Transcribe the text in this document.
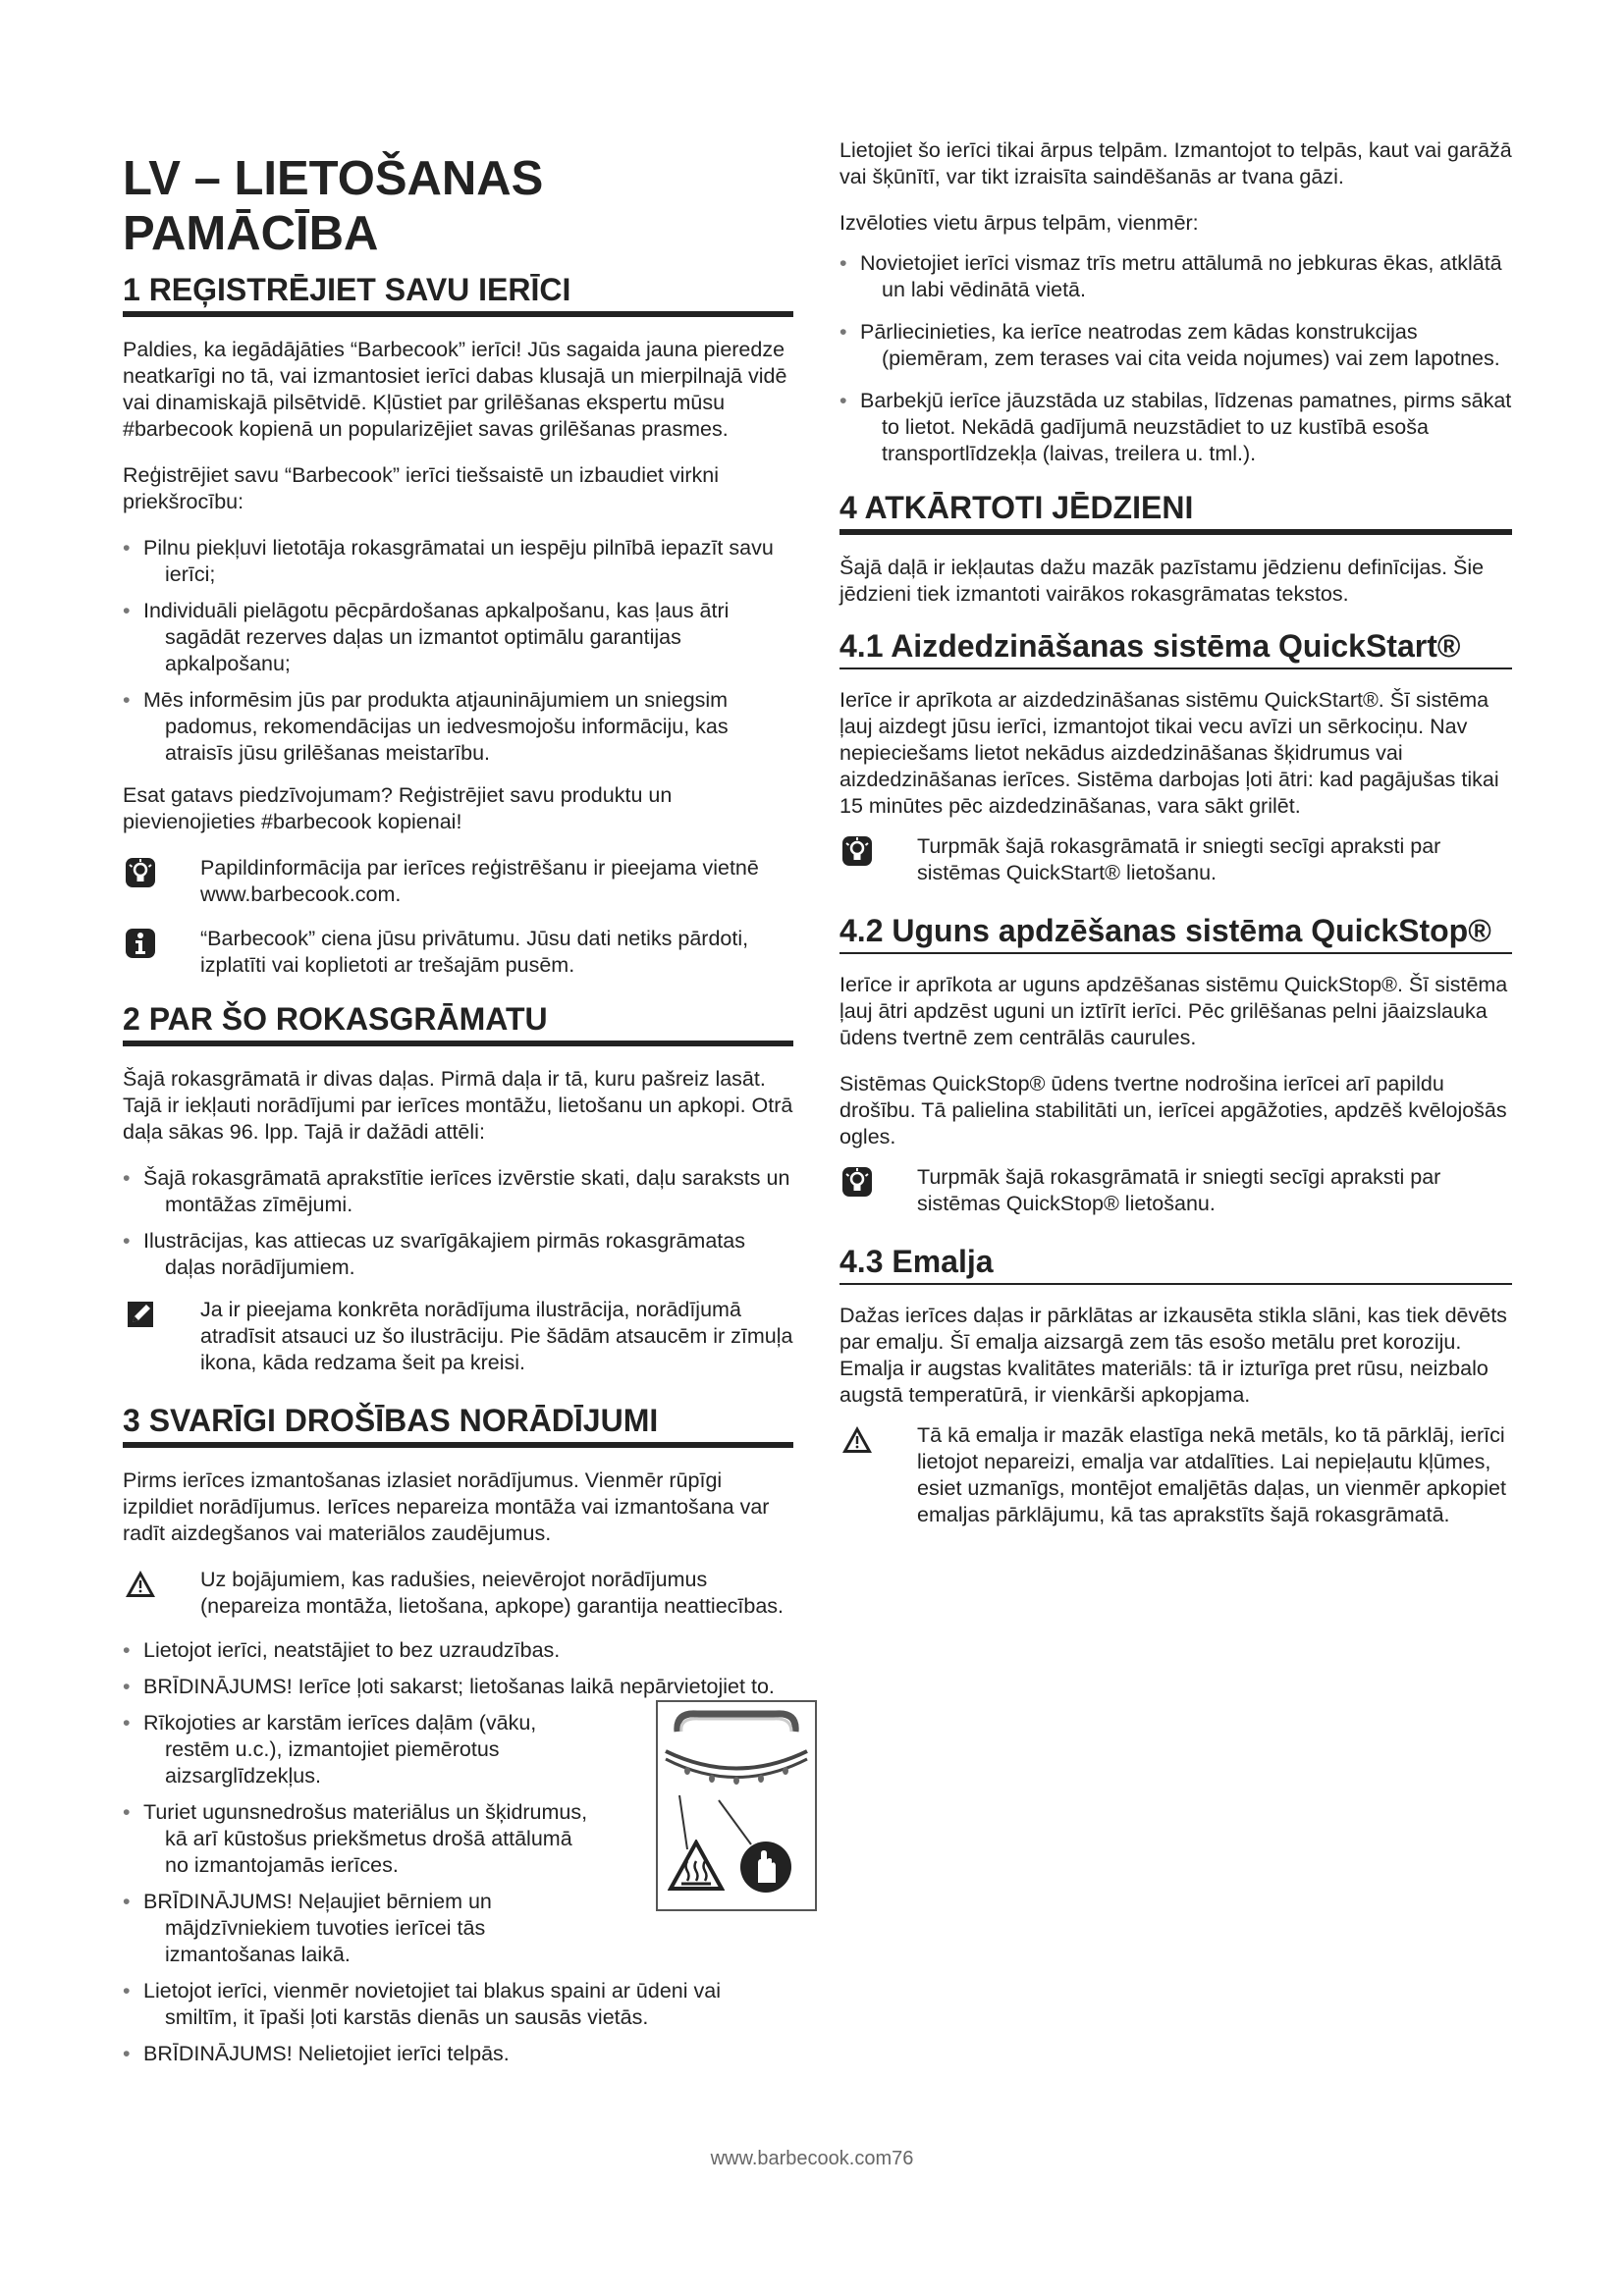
LV – LIETOŠANAS PAMĀCĪBA
1 REĢISTRĒJIET SAVU IERĪCI

Paldies, ka iegādājāties “Barbecook” ierīci! Jūs sagaida jauna pieredze neatkarīgi no tā, vai izmantosiet ierīci dabas klusajā un mierpilnajā vidē vai dinamiskajā pilsētvidē. Kļūstiet par grilēšanas ekspertu mūsu #barbecook kopienā un popularizējiet savas grilēšanas prasmes.

Reģistrējiet savu “Barbecook” ierīci tiešsaistē un izbaudiet virkni priekšrocību:

• Pilnu piekļuvi lietotāja rokasgrāmatai un iespēju pilnībā iepazīt savu ierīci;
• Individuāli pielāgotu pēcpārdošanas apkalpošanu, kas ļaus ātri sagādāt rezerves daļas un izmantot optimālu garantijas apkalpošanu;
• Mēs informēsim jūs par produkta atjauninājumiem un sniegsim padomus, rekomendācijas un iedvesmojošu informāciju, kas atraisīs jūsu grilēšanas meistarību.

Esat gatavs piedzīvojumam? Reģistrējiet savu produktu un pievienojieties #barbecook kopienai!

Papildinformācija par ierīces reģistrēšanu ir pieejama vietnē www.barbecook.com.
“Barbecook” ciena jūsu privātumu. Jūsu dati netiks pārdoti, izplatīti vai koplietoti ar trešajām pusēm.
2 PAR ŠO ROKASGRĀMATU

Šajā rokasgrāmatā ir divas daļas. Pirmā daļa ir tā, kuru pašreiz lasāt. Tajā ir iekļauti norādījumi par ierīces montāžu, lietošanu un apkopi. Otrā daļa sākas 96. lpp. Tajā ir dažādi attēli:

• Šajā rokasgrāmatā aprakstītie ierīces izvērstie skati, daļu saraksts un montāžas zīmējumi.
• Ilustrācijas, kas attiecas uz svarīgākajiem pirmās rokasgrāmatas daļas norādījumiem.
Ja ir pieejama konkrēta norādījuma ilustrācija, norādījumā atradīsit atsauci uz šo ilustrāciju. Pie šādām atsaucēm ir zīmuļa ikona, kāda redzama šeit pa kreisi.
3 SVARĪGI DROŠĪBAS NORĀDĪJUMI

Pirms ierīces izmantošanas izlasiet norādījumus. Vienmēr rūpīgi izpildiet norādījumus. Ierīces nepareiza montāža vai izmantošana var radīt aizdegšanos vai materiālos zaudējumus.

Uz bojājumiem, kas radušies, neievērojot norādījumus (nepareiza montāža, lietošana, apkope) garantija neattiecības.
• Lietojot ierīci, neatstājiet to bez uzraudzības.
• BRĪDINĀJUMS! Ierīce ļoti sakarst; lietošanas laikā nepārvietojiet to.
• Rīkojoties ar karstām ierīces daļām (vāku, restēm u.c.), izmantojiet piemērotus aizsarglīdzekļus.
• Turiet ugunsnedrošus materiālus un šķidrumus, kā arī kūstošus priekšmetus drošā attālumā no izmantojamās ierīces.
• BRĪDINĀJUMS! Neļaujiet bērniem un mājdzīvniekiem tuvoties ierīcei tās izmantošanas laikā.
• Lietojot ierīci, vienmēr novietojiet tai blakus spaini ar ūdeni vai smiltīm, it īpaši ļoti karstās dienās un sausās vietās.
• BRĪDINĀJUMS! Nelietojiet ierīci telpās.

Lietojiet šo ierīci tikai ārpus telpām. Izmantojot to telpās, kaut vai garāžā vai šķūnītī, var tikt izraisīta saindēšanās ar tvana gāzi.

Izvēloties vietu ārpus telpām, vienmēr:

• Novietojiet ierīci vismaz trīs metru attālumā no jebkuras ēkas, atklātā un labi vēdinātā vietā.
• Pārliecinieties, ka ierīce neatrodas zem kādas konstrukcijas (piemēram, zem terases vai cita veida nojumes) vai zem lapotnes.
• Barbekjū ierīce jāuzstāda uz stabilas, līdzenas pamatnes, pirms sākat to lietot. Nekādā gadījumā neuzstādiet to uz kustībā esoša transportlīdzekļa (laivas, treilera u. tml.).
4 ATKĀRTOTI JĒDZIENI

Šajā daļā ir iekļautas dažu mazāk pazīstamu jēdzienu definīcijas. Šie jēdzieni tiek izmantoti vairākos rokasgrāmatas tekstos.

4.1 Aizdedzināšanas sistēma QuickStart®

Ierīce ir aprīkota ar aizdedzināšanas sistēmu QuickStart®. Šī sistēma ļauj aizdegt jūsu ierīci, izmantojot tikai vecu avīzi un sērkociņu. Nav nepieciešams lietot nekādus aizdedzināšanas šķidrumus vai aizdedzināšanas ierīces. Sistēma darbojas ļoti ātri: kad pagājušas tikai 15 minūtes pēc aizdedzināšanas, vara sākt grilēt.

Turpmāk šajā rokasgrāmatā ir sniegti secīgi apraksti par sistēmas QuickStart® lietošanu.
4.2 Uguns apdzēšanas sistēma QuickStop®

Ierīce ir aprīkota ar uguns apdzēšanas sistēmu QuickStop®. Šī sistēma ļauj ātri apdzēst uguni un iztīrīt ierīci. Pēc grilēšanas pelni jāaizslauka ūdens tvertnē zem centrālās caurules.

Sistēmas QuickStop® ūdens tvertne nodrošina ierīcei arī papildu drošību. Tā palielina stabilitāti un, ierīcei apgāžoties, apdzēš kvēlojošās ogles.

Turpmāk šajā rokasgrāmatā ir sniegti secīgi apraksti par sistēmas QuickStop® lietošanu.
4.3 Emalja

Dažas ierīces daļas ir pārklātas ar izkausēta stikla slāni, kas tiek dēvēts par emalju. Šī emalja aizsargā zem tās esošo metālu pret koroziju. Emalja ir augstas kvalitātes materiāls: tā ir izturīga pret rūsu, neizbalo augstā temperatūrā, ir vienkārši apkopjama.

Tā kā emalja ir mazāk elastīga nekā metāls, ko tā pārklāj, ierīci lietojot nepareizi, emalja var atdalīties. Lai nepieļautu kļūmes, esiet uzmanīgs, montējot emaljētās daļas, un vienmēr apkopiet emaljas pārklājumu, kā tas aprakstīts šajā rokasgrāmatā.
www.barbecook.com76
